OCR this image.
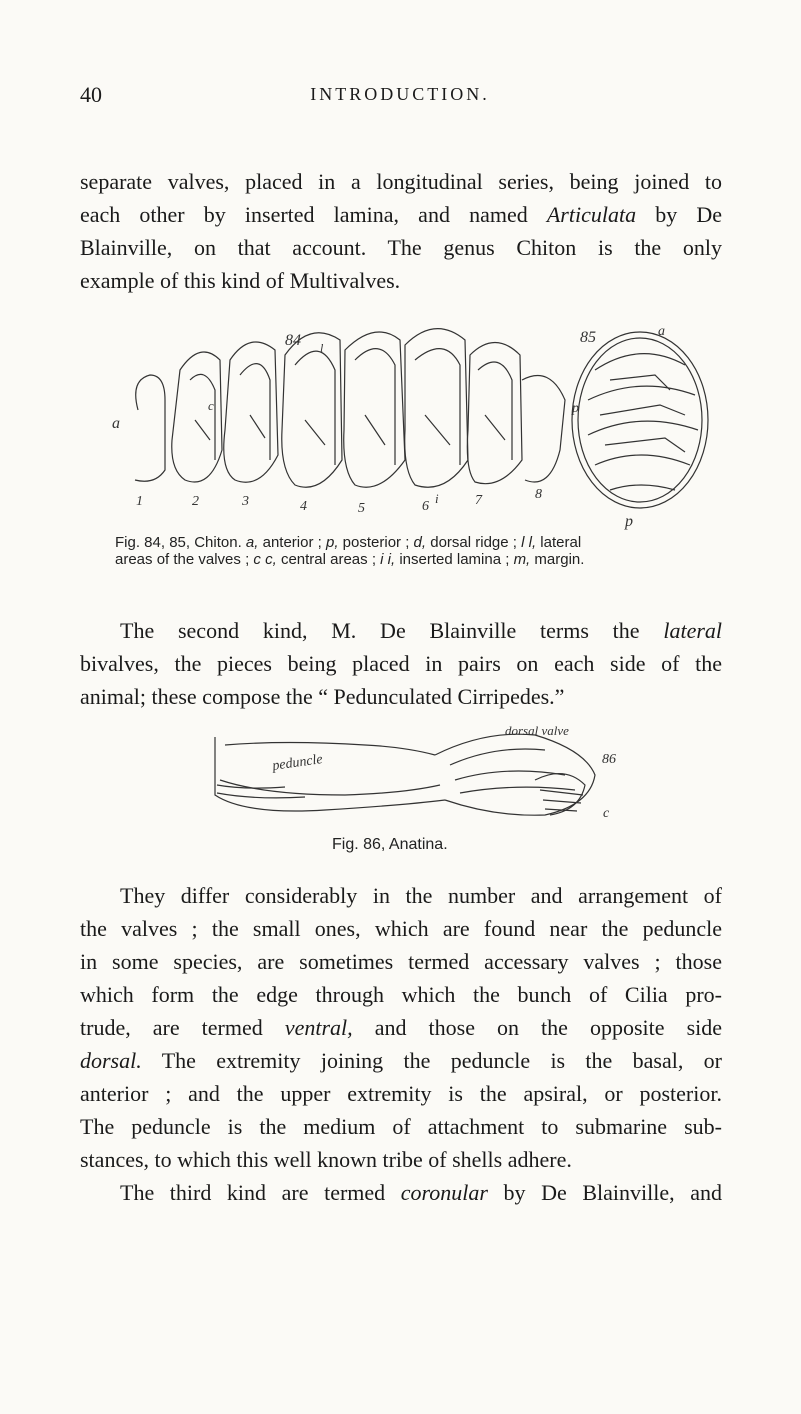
40	INTRODUCTION.
separate valves, placed in a longitudinal series, being joined to
each other by inserted lamina, and named Articulata by De
Blainville, on that account. The genus Chiton is the only
example of this kind of Multivalves.
84	85
a
a
p
p
l
c
i
1	2	3	4	5	6	7	8
Fig. 84, 85, Chiton. a, anterior ; p, posterior ; d, dorsal ridge ; l l, lateral
areas of the valves ; c c, central areas ; i i, inserted lamina ; m, margin.
The second kind, M. De Blainville terms the lateral
bivalves, the pieces being placed in pairs on each side of the
animal; these compose the “ Pedunculated Cirripedes.”
dorsal valve
peduncle	86
c
Fig. 86, Anatina.
They differ considerably in the number and arrangement of
the valves ; the small ones, which are found near the peduncle
in some species, are sometimes termed accessary valves ; those
which form the edge through which the bunch of Cilia pro-
trude, are termed ventral, and those on the opposite side
dorsal. The extremity joining the peduncle is the basal, or
anterior ; and the upper extremity is the apsiral, or posterior.
The peduncle is the medium of attachment to submarine sub-
stances, to which this well known tribe of shells adhere.
The third kind are termed coronular by De Blainville, and
